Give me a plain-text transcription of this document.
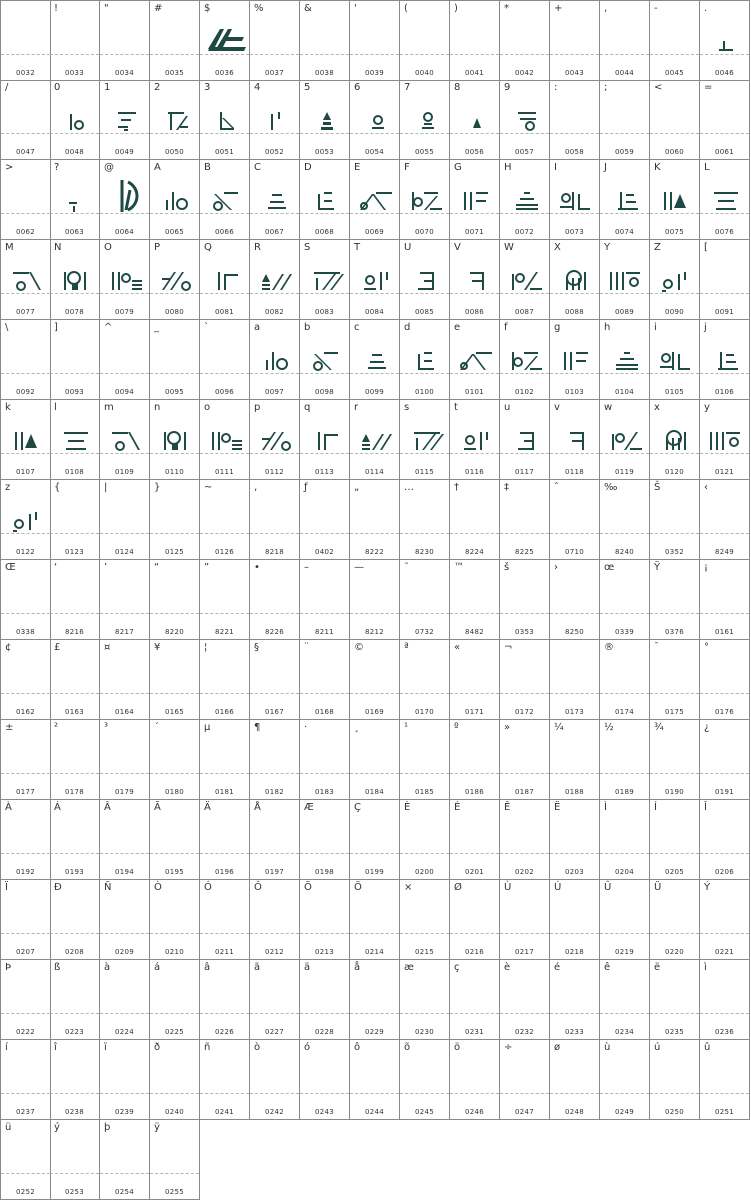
0032
!
0033
"
0034
#
0035
$
0036
%
0037
&
0038
'
0039
(
0040
)
0041
*
0042
+
0043
,
0044
-
0045
.
0046
/
0047
0
0048
1
0049
2
0050
3
0051
4
0052
5
0053
6
0054
7
0055
8
0056
9
0057
:
0058
;
0059
<
0060
=
0061
>
0062
?
0063
@
0064
A
0065
B
0066
C
0067
D
0068
E
0069
F
0070
G
0071
H
0072
I
0073
J
0074
K
0075
L
0076
M
0077
N
0078
O
0079
P
0080
Q
0081
R
0082
S
0083
T
0084
U
0085
V
0086
W
0087
X
0088
Y
0089
Z
0090
[
0091
\
0092
]
0093
^
0094
_
0095
`
0096
a
0097
b
0098
c
0099
d
0100
e
0101
f
0102
g
0103
h
0104
i
0105
j
0106
k
0107
l
0108
m
0109
n
0110
o
0111
p
0112
q
0113
r
0114
s
0115
t
0116
u
0117
v
0118
w
0119
x
0120
y
0121
z
0122
{
0123
|
0124
}
0125
~
0126
‚
8218
ƒ
0402
„
8222
…
8230
†
8224
‡
8225
ˆ
0710
‰
8240
Š
0352
‹
8249
Œ
0338
‘
8216
’
8217
“
8220
”
8221
•
8226
–
8211
—
8212
˜
0732
™
8482
š
0353
›
8250
œ
0339
Ÿ
0376
¡
0161
¢
0162
£
0163
¤
0164
¥
0165
¦
0166
§
0167
¨
0168
©
0169
ª
0170
«
0171
¬
0172	0173
®
0174
¯
0175
°
0176
±
0177
²
0178
³
0179
´
0180
µ
0181
¶
0182
·
0183
¸
0184
¹
0185
º
0186
»
0187
¼
0188
½
0189
¾
0190
¿
0191
À
0192
Á
0193
Â
0194
Ã
0195
Ä
0196
Å
0197
Æ
0198
Ç
0199
È
0200
É
0201
Ê
0202
Ë
0203
Ì
0204
Í
0205
Î
0206
Ï
0207
Ð
0208
Ñ
0209
Ò
0210
Ó
0211
Ô
0212
Õ
0213
Ö
0214
×
0215
Ø
0216
Ù
0217
Ú
0218
Û
0219
Ü
0220
Ý
0221
Þ
0222
ß
0223
à
0224
á
0225
â
0226
ã
0227
ä
0228
å
0229
æ
0230
ç
0231
è
0232
é
0233
ê
0234
ë
0235
ì
0236
í
0237
î
0238
ï
0239
ð
0240
ñ
0241
ò
0242
ó
0243
ô
0244
õ
0245
ö
0246
÷
0247
ø
0248
ù
0249
ú
0250
û
0251
ü
0252
ý
0253
þ
0254
ÿ
0255
